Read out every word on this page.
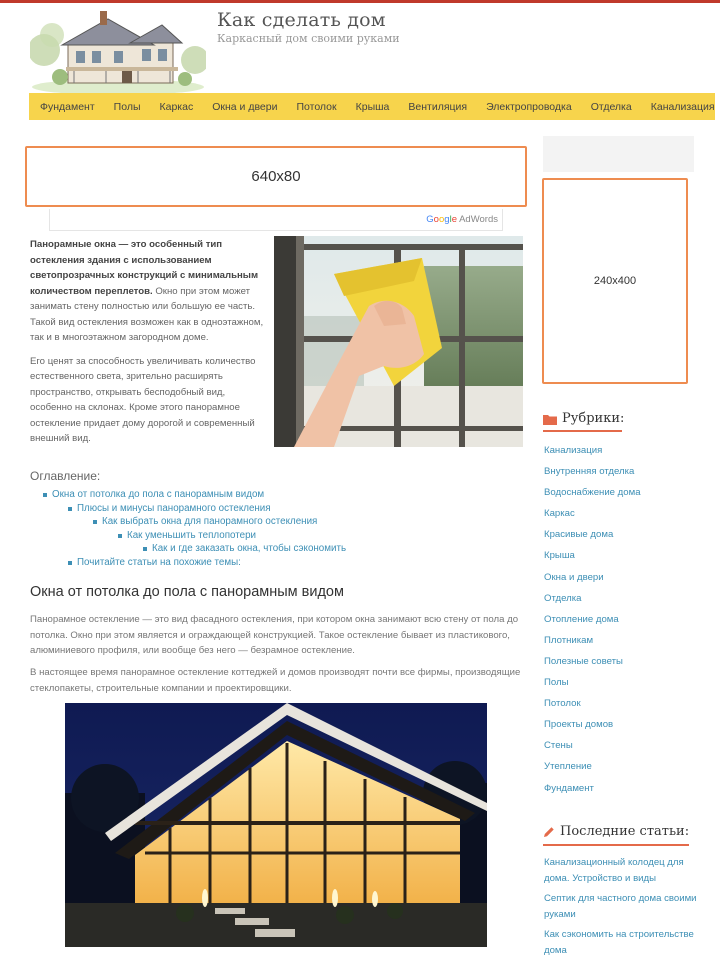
Как сделать дом
Каркасный дом своими руками
Фундамент	Полы	Каркас	Окна и двери	Потолок	Крыша	Вентиляция	Электропроводка	Отделка	Канализация
640x80
Google AdWords

Панорамные окна — это особенный тип остекления здания с использованием светопрозрачных конструкций с минимальным количеством переплетов. Окно при этом может занимать стену полностью или большую ее часть. Такой вид остекления возможен как в одноэтажном, так и в многоэтажном загородном доме.

Его ценят за способность увеличивать количество естественного света, зрительно расширять пространство, открывать бесподобный вид, особенно на склонах. Кроме этого панорамное остекление придает дому дорогой и современный внешний вид.

Оглавление:
Окна от потолка до пола с панорамным видом
Плюсы и минусы панорамного остекления
Как выбрать окна для панорамного остекления
Как уменьшить теплопотери
Как и где заказать окна, чтобы сэкономить
Почитайте статьи на похожие темы:
Окна от потолка до пола с панорамным видом
Панорамное остекление — это вид фасадного остекления, при котором окна занимают всю стену от пола до потолка. Окно при этом является и ограждающей конструкцией. Такое остекление бывает из пластикового, алюминиевого профиля, или вообще без него — безрамное остекление.
В настоящее время панорамное остекление коттеджей и домов производят почти все фирмы, производящие стеклопакеты, строительные компании и проектировщики.
240x400
Рубрики:
Канализация
Внутренняя отделка
Водоснабжение дома
Каркас
Красивые дома
Крыша
Окна и двери
Отделка
Отопление дома
Плотникам
Полезные советы
Полы
Потолок
Проекты домов
Стены
Утепление
Фундамент
Последние статьи:
Канализационный колодец для дома. Устройство и виды
Септик для частного дома своими руками
Как сэкономить на строительстве дома
